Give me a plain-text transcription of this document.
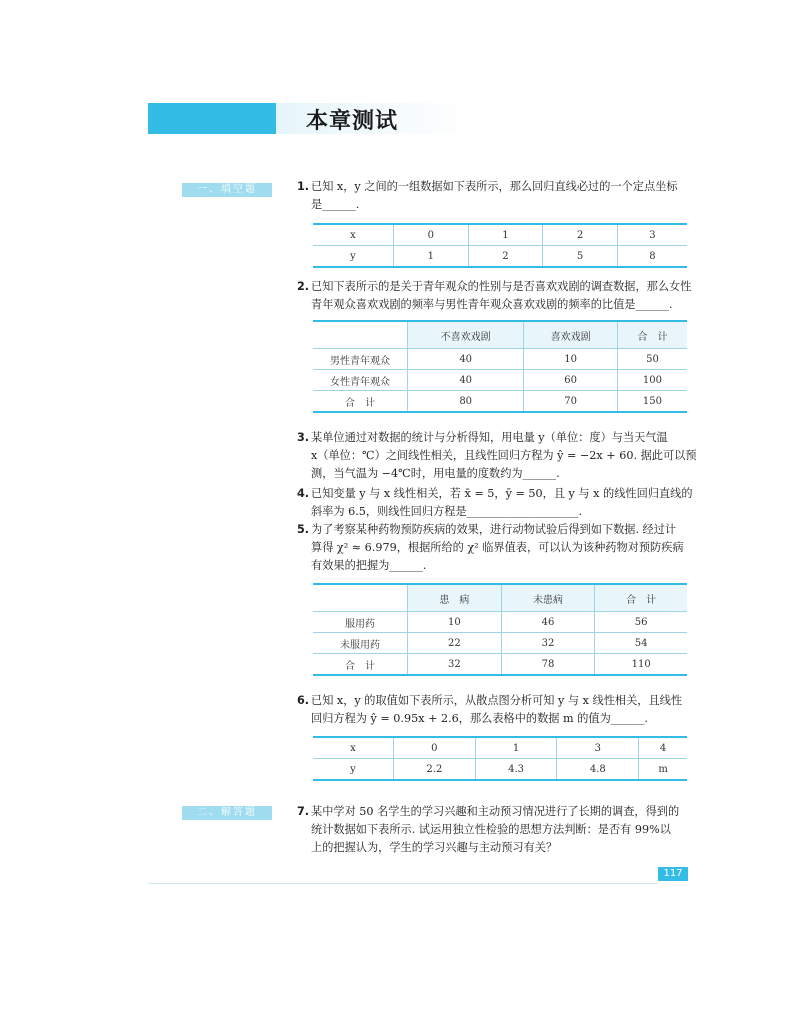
本章测试
一、填空题	1. 已知 x，y 之间的一组数据如下表所示，那么回归直线必过的一个定点坐标
是______.
x	0	1	2	3
y	1	2	5	8
2. 已知下表所示的是关于青年观众的性别与是否喜欢戏剧的调查数据，那么女性
青年观众喜欢戏剧的频率与男性青年观众喜欢戏剧的频率的比值是______.
	不喜欢戏剧	喜欢戏剧	合　计
男性青年观众	40	10	50
女性青年观众	40	60	100
合　计	80	70	150
3. 某单位通过对数据的统计与分析得知，用电量 y（单位：度）与当天气温
x（单位：℃）之间线性相关，且线性回归方程为 ŷ = −2x + 60. 据此可以预
测，当气温为 −4℃时，用电量的度数约为______.
4. 已知变量 y 与 x 线性相关，若 x̄ = 5，ȳ = 50，且 y 与 x 的线性回归直线的
斜率为 6.5，则线性回归方程是____________________.
5. 为了考察某种药物预防疾病的效果，进行动物试验后得到如下数据. 经过计
算得 χ² ≈ 6.979，根据所给的 χ² 临界值表，可以认为该种药物对预防疾病
有效果的把握为______.
	患　病	未患病	合　计
服用药	10	46	56
未服用药	22	32	54
合　计	32	78	110
6. 已知 x，y 的取值如下表所示，从散点图分析可知 y 与 x 线性相关，且线性
回归方程为 ŷ = 0.95x + 2.6，那么表格中的数据 m 的值为______.
x	0	1	3	4
y	2.2	4.3	4.8	m
二、解答题	7. 某中学对 50 名学生的学习兴趣和主动预习情况进行了长期的调查，得到的
统计数据如下表所示. 试运用独立性检验的思想方法判断：是否有 99%以
上的把握认为，学生的学习兴趣与主动预习有关？
117
